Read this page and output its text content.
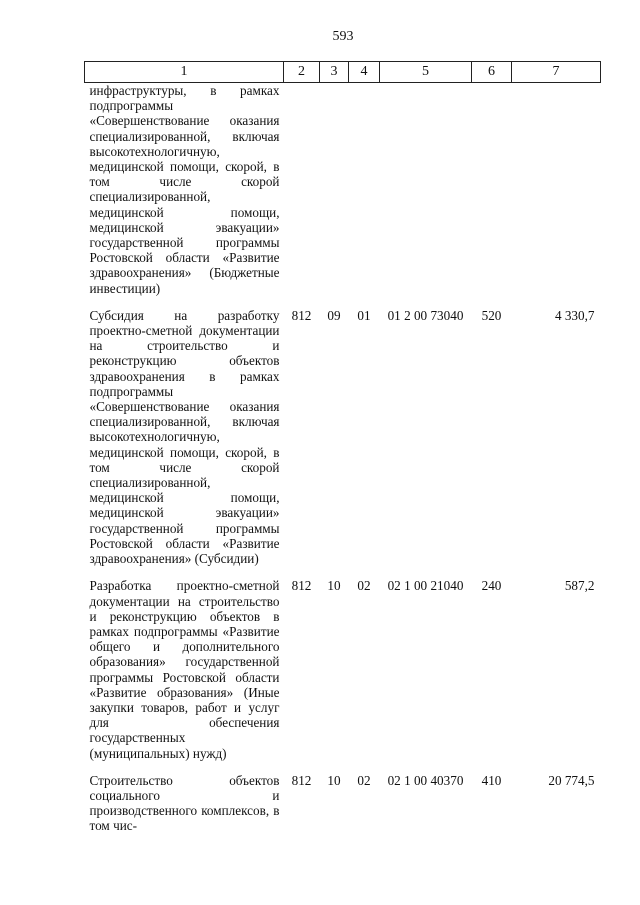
593
1	2	3	4	5	6	7
инфраструктуры, в рамках подпрограммы «Совершенствование оказания специализированной, включая высокотехнологичную, медицинской помощи, скорой, в том числе скорой специализированной, медицинской помощи, медицинской эвакуации» государственной программы Ростовской области «Развитие здравоохранения» (Бюджетные инвестиции)						
Субсидия на разработку проектно-сметной документации на строительство и реконструкцию объектов здравоохранения в рамках подпрограммы «Совершенствование оказания специализированной, включая высокотехнологичную, медицинской помощи, скорой, в том числе скорой специализированной, медицинской помощи, медицинской эвакуации» государственной программы Ростовской области «Развитие здравоохранения» (Субсидии)	812	09	01	01 2 00 73040	520	4 330,7
Разработка проектно-сметной документации на строительство и реконструкцию объектов в рамках подпрограммы «Развитие общего и дополнительного образования» государственной программы Ростовской области «Развитие образования» (Иные закупки товаров, работ и услуг для обеспечения государственных (муниципальных) нужд)	812	10	02	02 1 00 21040	240	587,2
Строительство объектов социального и производственного комплексов, в том чис-	812	10	02	02 1 00 40370	410	20 774,5
